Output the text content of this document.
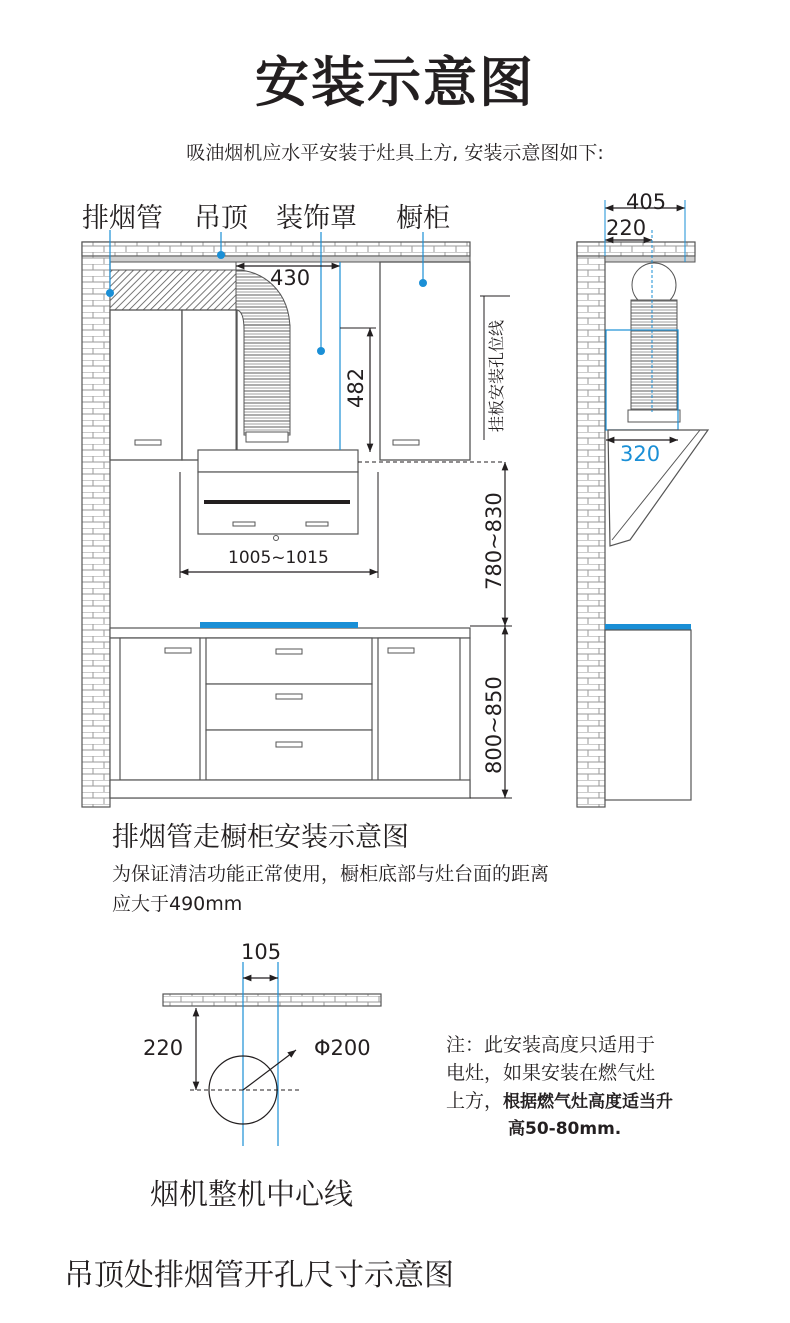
安装示意图
吸油烟机应水平安装于灶具上方, 安装示意图如下:
排烟管 吊顶 装饰罩 橱柜
430
482
1005~1015	780~830
800~850
挂板安装孔位线
405
220
320
排烟管走橱柜安装示意图
为保证清洁功能正常使用，橱柜底部与灶台面的距离
应大于490mm
105
220	Φ200	注：此安装高度只适用于
电灶，如果安装在燃气灶
上方，根据燃气灶高度适当升
高50-80mm.
烟机整机中心线
吊顶处排烟管开孔尺寸示意图
